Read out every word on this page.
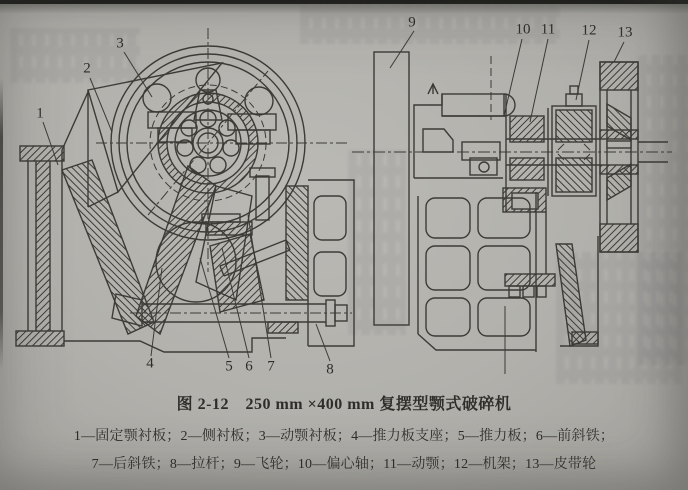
1
2
3
4	5 6 7	8
9	10 11 12 13
图 2-12　250 mm ×400 mm 复摆型颚式破碎机
1—固定颚衬板；2—侧衬板；3—动颚衬板；4—推力板支座；5—推力板；6—前斜铁；
7—后斜铁；8—拉杆；9—飞轮；10—偏心轴；11—动颚；12—机架；13—皮带轮
